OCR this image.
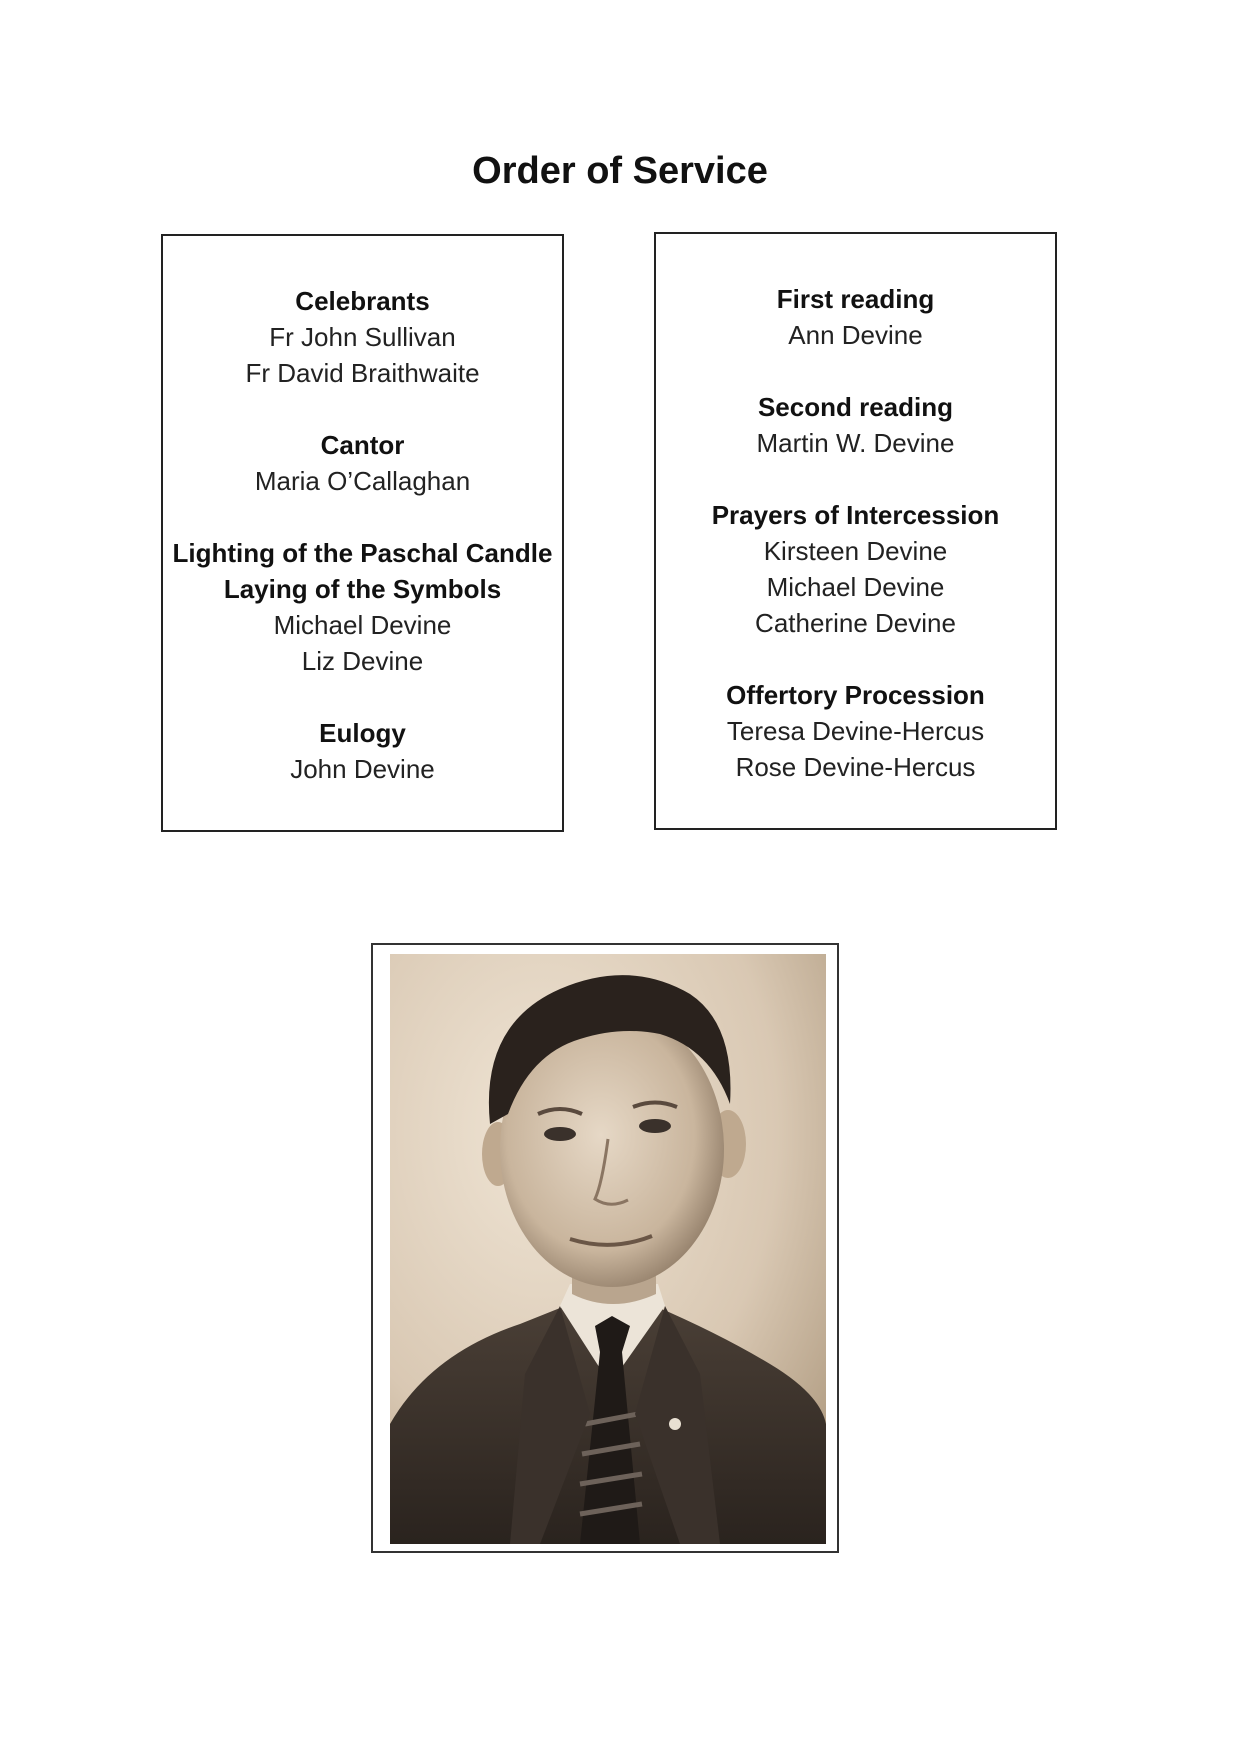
Order of Service
Celebrants
Fr John Sullivan
Fr David Braithwaite
Cantor
Maria O’Callaghan
Lighting of the Paschal Candle
Laying of the Symbols
Michael Devine
Liz Devine
Eulogy
John Devine
First reading
Ann Devine
Second reading
Martin W. Devine
Prayers of Intercession
Kirsteen Devine
Michael Devine
Catherine Devine
Offertory Procession
Teresa Devine-Hercus
Rose Devine-Hercus
